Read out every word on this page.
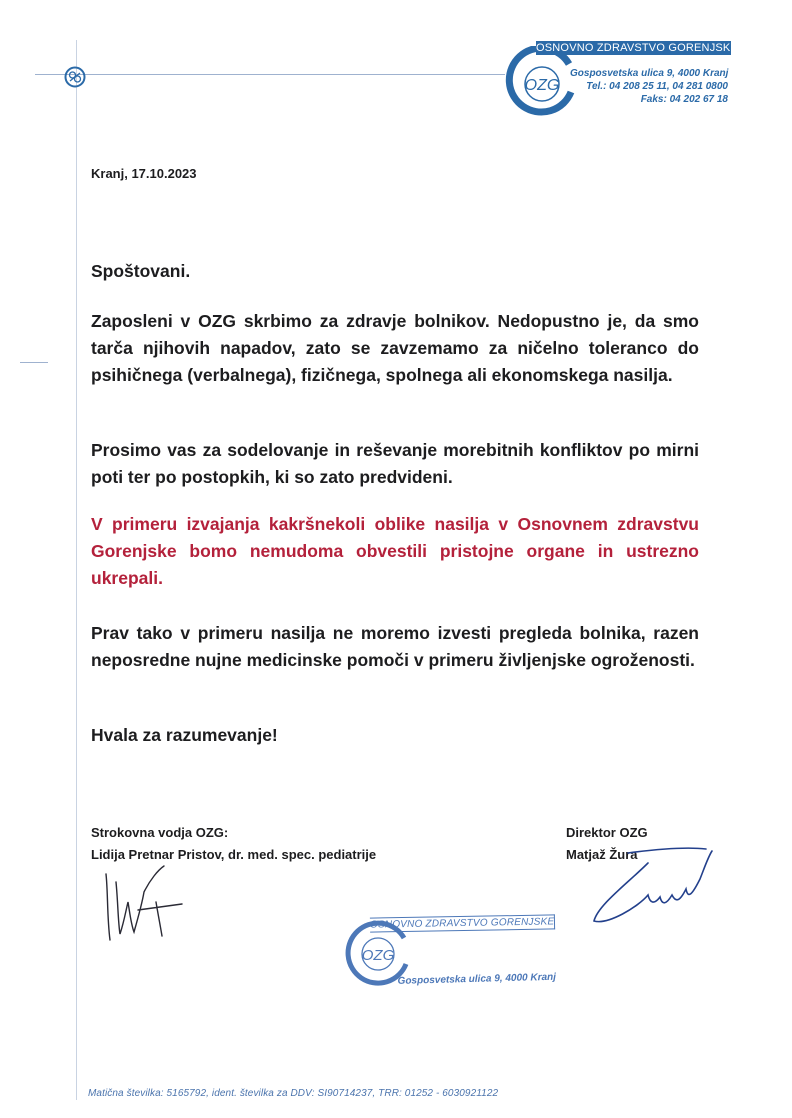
OZG
OSNOVNO ZDRAVSTVO GORENJSKE
Gosposvetska ulica 9, 4000 Kranj
Tel.: 04 208 25 11, 04 281 0800
Faks: 04 202 67 18
Kranj, 17.10.2023

Spoštovani.

Zaposleni v OZG skrbimo za zdravje bolnikov. Nedopustno je, da smo tarča njihovih napadov, zato se zavzemamo za ničelno toleranco do psihičnega (verbalnega), fizičnega, spolnega ali ekonomskega nasilja.

Prosimo vas za sodelovanje in reševanje morebitnih konfliktov po mirni poti ter po postopkih, ki so zato predvideni.

V primeru izvajanja kakršnekoli oblike nasilja v Osnovnem zdravstvu Gorenjske bomo nemudoma obvestili pristojne organe in ustrezno ukrepali.

Prav tako v primeru nasilja ne moremo izvesti pregleda bolnika, razen neposredne nujne medicinske pomoči v primeru življenjske ogroženosti.

Hvala za razumevanje!

Strokovna vodja OZG:
Lidija Pretnar Pristov, dr. med. spec. pediatrije
Direktor OZG
Matjaž Žura
OZG
OSNOVNO ZDRAVSTVO GORENJSKE
Gosposvetska ulica 9, 4000 Kranj
Matična številka: 5165792, ident. številka za DDV: SI90714237, TRR: 01252 - 6030921122
